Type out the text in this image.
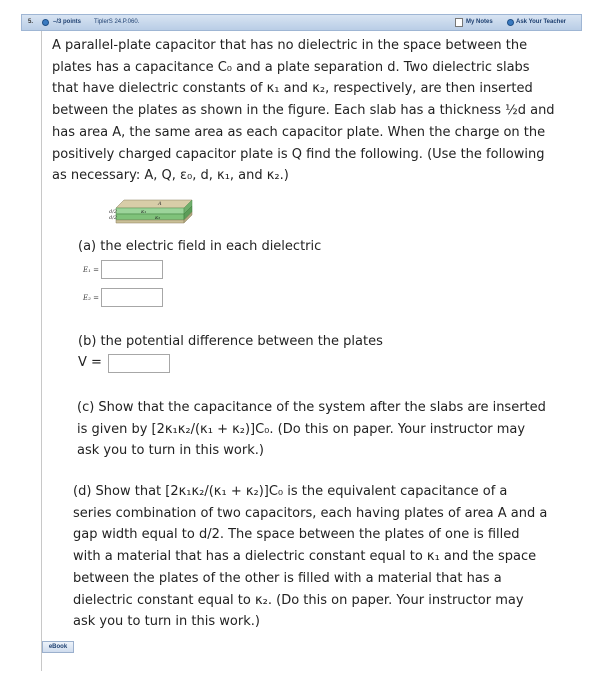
5.	–/3 points TiplerS 24.P.060.	My Notes	Ask Your Teacher
A parallel-plate capacitor that has no dielectric in the space between the
plates has a capacitance C₀ and a plate separation d. Two dielectric slabs
that have dielectric constants of κ₁ and κ₂, respectively, are then inserted
between the plates as shown in the figure. Each slab has a thickness ½d and
has area A, the same area as each capacitor plate. When the charge on the
positively charged capacitor plate is Q find the following. (Use the following
as necessary: A, Q, ε₀, d, κ₁, and κ₂.)
A
κ₁
κ₂
d/2
d/2
(a) the electric field in each dielectric
E₁ =
E₂ =
(b) the potential difference between the plates
V =
(c) Show that the capacitance of the system after the slabs are inserted
is given by [2κ₁κ₂/(κ₁ + κ₂)]C₀. (Do this on paper. Your instructor may
ask you to turn in this work.)
(d) Show that [2κ₁κ₂/(κ₁ + κ₂)]C₀ is the equivalent capacitance of a
series combination of two capacitors, each having plates of area A and a
gap width equal to d/2. The space between the plates of one is filled
with a material that has a dielectric constant equal to κ₁ and the space
between the plates of the other is filled with a material that has a
dielectric constant equal to κ₂. (Do this on paper. Your instructor may
ask you to turn in this work.)
eBook
